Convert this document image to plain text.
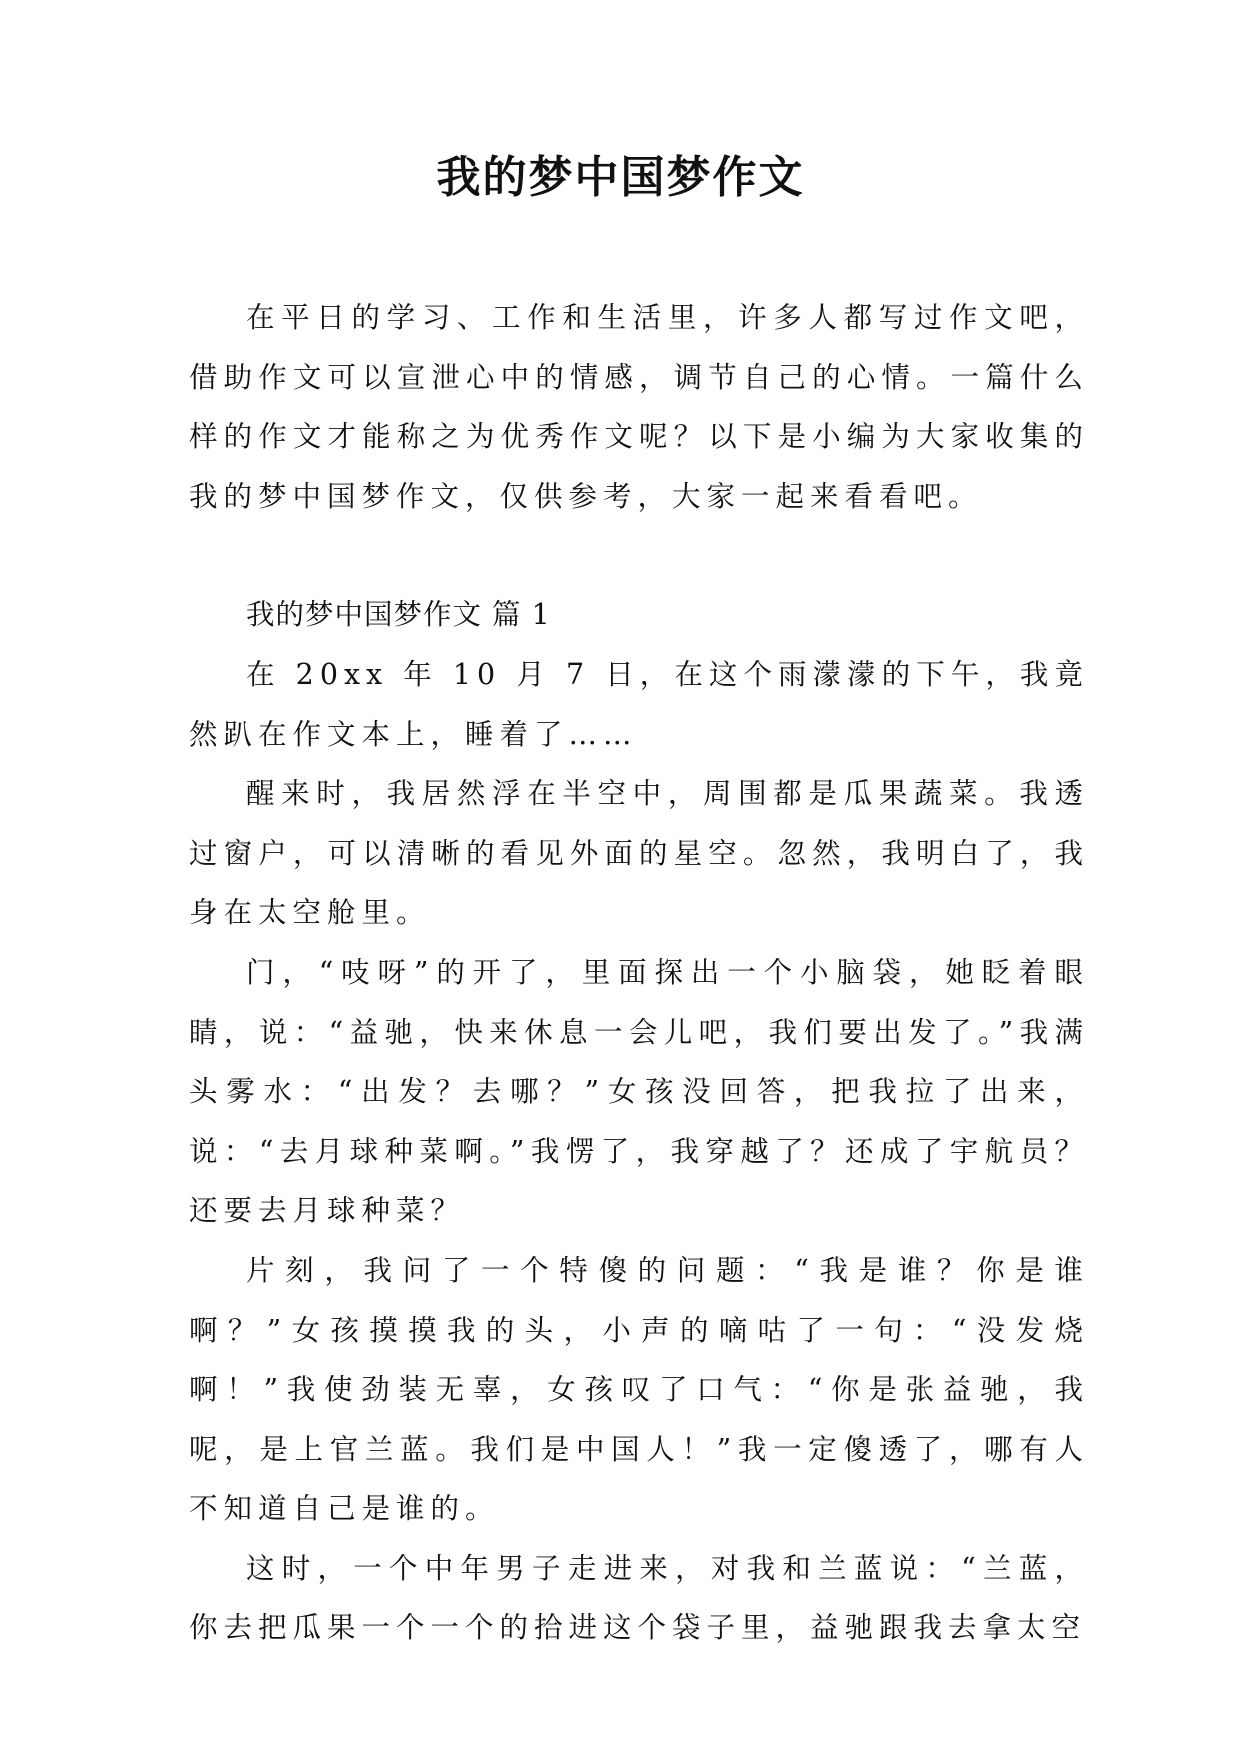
我的梦中国梦作文

在平日的学习、工作和生活里，许多人都写过作文吧，借助作文可以宣泄心中的情感，调节自己的心情。一篇什么样的作文才能称之为优秀作文呢？以下是小编为大家收集的我的梦中国梦作文，仅供参考，大家一起来看看吧。

我的梦中国梦作文 篇 1

在 20xx 年 10 月 7 日，在这个雨濛濛的下午，我竟然趴在作文本上，睡着了……

醒来时，我居然浮在半空中，周围都是瓜果蔬菜。我透过窗户，可以清晰的看见外面的星空。忽然，我明白了，我身在太空舱里。

门，“吱呀”的开了，里面探出一个小脑袋，她眨着眼睛，说：“益驰，快来休息一会儿吧，我们要出发了。”我满头雾水：“出发？去哪？”女孩没回答，把我拉了出来，说：“去月球种菜啊。”我愣了，我穿越了？还成了宇航员？还要去月球种菜？

片刻，我问了一个特傻的问题：“我是谁？你是谁啊？”女孩摸摸我的头，小声的嘀咕了一句：“没发烧啊！”我使劲装无辜，女孩叹了口气：“你是张益驰，我呢，是上官兰蓝。我们是中国人！”我一定傻透了，哪有人不知道自己是谁的。

这时，一个中年男子走进来，对我和兰蓝说：“兰蓝，你去把瓜果一个一个的拾进这个袋子里，益驰跟我去拿太空
